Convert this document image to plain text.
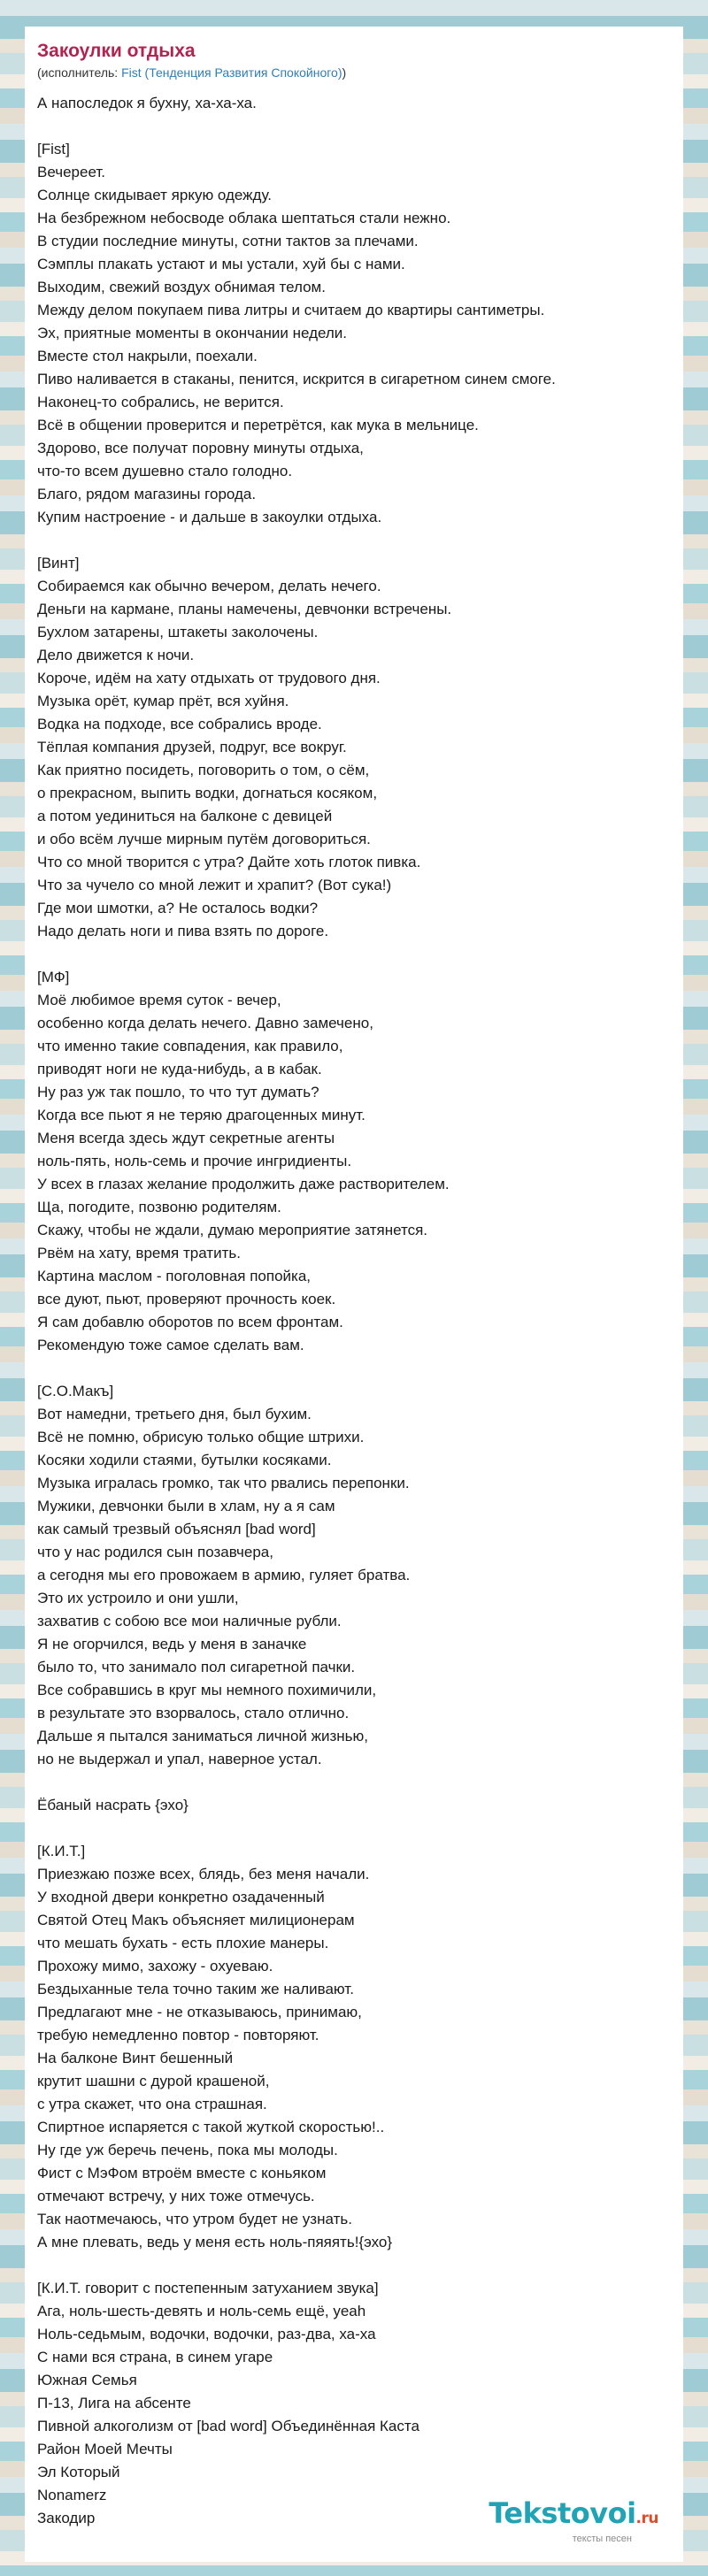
Закоулки отдыха
(исполнитель: Fist (Тенденция Развития Спокойного))
А напоследок я бухну, ха-ха-ха.
[Fist]
Вечереет.
Солнце скидывает яркую одежду.
На безбрежном небосводе облака шептаться стали нежно.
В студии последние минуты, сотни тактов за плечами.
Сэмплы плакать устают и мы устали, хуй бы с нами.
Выходим, свежий воздух обнимая телом.
Между делом покупаем пива литры и считаем до квартиры сантиметры.
Эх, приятные моменты в окончании недели.
Вместе стол накрыли, поехали.
Пиво наливается в стаканы, пенится, искрится в сигаретном синем смоге.
Наконец-то собрались, не верится.
Всё в общении проверится и перетрётся, как мука в мельнице.
Здорово, все получат поровну минуты отдыха,
что-то всем душевно стало голодно.
Благо, рядом магазины города.
Купим настроение - и дальше в закоулки отдыха.
[Винт]
Собираемся как обычно вечером, делать нечего.
Деньги на кармане, планы намечены, девчонки встречены.
Бухлом затарены, штакеты заколочены.
Дело движется к ночи.
Короче, идём на хату отдыхать от трудового дня.
Музыка орёт, кумар прёт, вся хуйня.
Водка на подходе, все собрались вроде.
Тёплая компания друзей, подруг, все вокруг.
Как приятно посидеть, поговорить о том, о сём,
о прекрасном, выпить водки, догнаться косяком,
а потом уединиться на балконе с девицей
и обо всём лучше мирным путём договориться.
Что со мной творится с утра? Дайте хоть глоток пивка.
Что за чучело со мной лежит и храпит? (Вот сука!)
Где мои шмотки, а? Не осталось водки?
Надо делать ноги и пива взять по дороге.
[МФ]
Моё любимое время суток - вечер,
особенно когда делать нечего. Давно замечено,
что именно такие совпадения, как правило,
приводят ноги не куда-нибудь, а в кабак.
Ну раз уж так пошло, то что тут думать?
Когда все пьют я не теряю драгоценных минут.
Меня всегда здесь ждут секретные агенты
ноль-пять, ноль-семь и прочие ингридиенты.
У всех в глазах желание продолжить даже растворителем.
Ща, погодите, позвоню родителям.
Скажу, чтобы не ждали, думаю мероприятие затянется.
Рвём на хату, время тратить.
Картина маслом - поголовная попойка,
все дуют, пьют, проверяют прочность коек.
Я сам добавлю оборотов по всем фронтам.
Рекомендую тоже самое сделать вам.
[С.О.Макъ]
Вот намедни, третьего дня, был бухим.
Всё не помню, обрисую только общие штрихи.
Косяки ходили стаями, бутылки косяками.
Музыка игралась громко, так что рвались перепонки.
Мужики, девчонки были в хлам, ну а я сам
как самый трезвый объяснял [bad word]
что у нас родился сын позавчера,
а сегодня мы его провожаем в армию, гуляет братва.
Это их устроило и они ушли,
захватив с собою все мои наличные рубли.
Я не огорчился, ведь у меня в заначке
было то, что занимало пол сигаретной пачки.
Все собравшись в круг мы немного похимичили,
в результате это взорвалось, стало отлично.
Дальше я пытался заниматься личной жизнью,
но не выдержал и упал, наверное устал.
Ёбаный насрать {эхо}
[К.И.Т.]
Приезжаю позже всех, блядь, без меня начали.
У входной двери конкретно озадаченный
Святой Отец Макъ объясняет милиционерам
что мешать бухать - есть плохие манеры.
Прохожу мимо, захожу - охуеваю.
Бездыханные тела точно таким же наливают.
Предлагают мне - не отказываюсь, принимаю,
требую немедленно повтор - повторяют.
На балконе Винт бешенный
крутит шашни с дурой крашеной,
с утра скажет, что она страшная.
Спиртное испаряется с такой жуткой скоростью!..
Ну где уж беречь печень, пока мы молоды.
Фист с МэФом втроём вместе с коньяком
отмечают встречу, у них тоже отмечусь.
Так наотмечаюсь, что утром будет не узнать.
А мне плевать, ведь у меня есть ноль-пяяять!{эхо}
[К.И.Т. говорит с постепенным затуханием звука]
Ага, ноль-шесть-девять и ноль-семь ещё, yeah
Ноль-седьмым, водочки, водочки, раз-два, ха-ха
С нами вся страна, в синем угаре
Южная Семья
П-13, Лига на абсенте
Пивной алкоголизм от [bad word] Объединённая Каста
Район Моей Мечты
Эл Который
Nonamerz
Закодир	Tekstovoi.ru
тексты песен
